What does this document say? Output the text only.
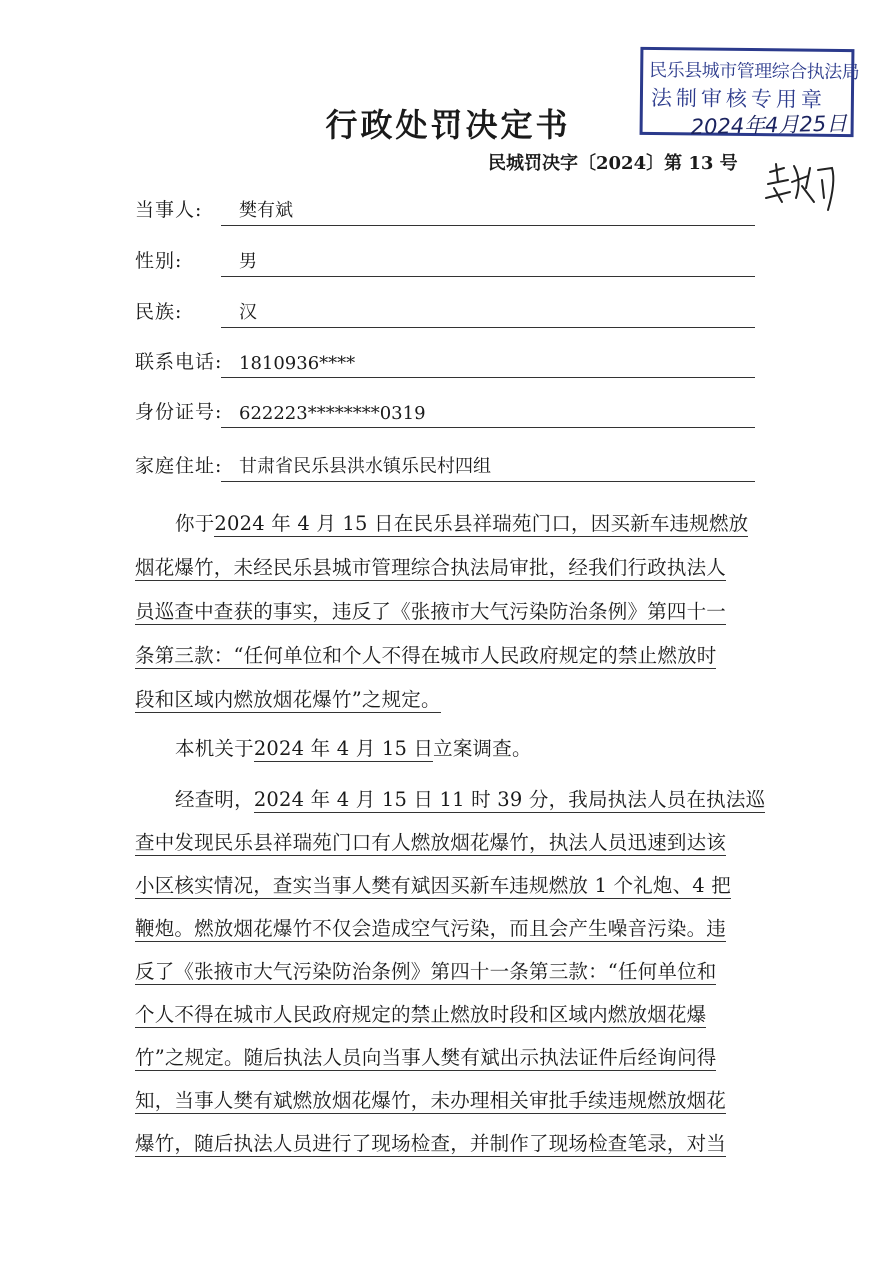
民乐县城市管理综合执法局
法制审核专用章
2024年4月25日
行政处罚决定书
民城罚决字〔2024〕第 13 号
当事人: 樊有斌
性别:	男
民族:	汉
联系电话: 1810936****
身份证号: 622223********0319
家庭住址: 甘肃省民乐县洪水镇乐民村四组
你于2024 年 4 月 15 日在民乐县祥瑞苑门口，因买新车违规燃放
烟花爆竹，未经民乐县城市管理综合执法局审批，经我们行政执法人
员巡查中查获的事实，违反了《张掖市大气污染防治条例》第四十一
条第三款：“任何单位和个人不得在城市人民政府规定的禁止燃放时
段和区域内燃放烟花爆竹”之规定。
本机关于2024 年 4 月 15 日立案调查。
经查明，2024 年 4 月 15 日 11 时 39 分，我局执法人员在执法巡
查中发现民乐县祥瑞苑门口有人燃放烟花爆竹，执法人员迅速到达该
小区核实情况，查实当事人樊有斌因买新车违规燃放 1 个礼炮、4 把
鞭炮。燃放烟花爆竹不仅会造成空气污染，而且会产生噪音污染。违
反了《张掖市大气污染防治条例》第四十一条第三款：“任何单位和
个人不得在城市人民政府规定的禁止燃放时段和区域内燃放烟花爆
竹”之规定。随后执法人员向当事人樊有斌出示执法证件后经询问得
知，当事人樊有斌燃放烟花爆竹，未办理相关审批手续违规燃放烟花
爆竹，随后执法人员进行了现场检查，并制作了现场检查笔录，对当
